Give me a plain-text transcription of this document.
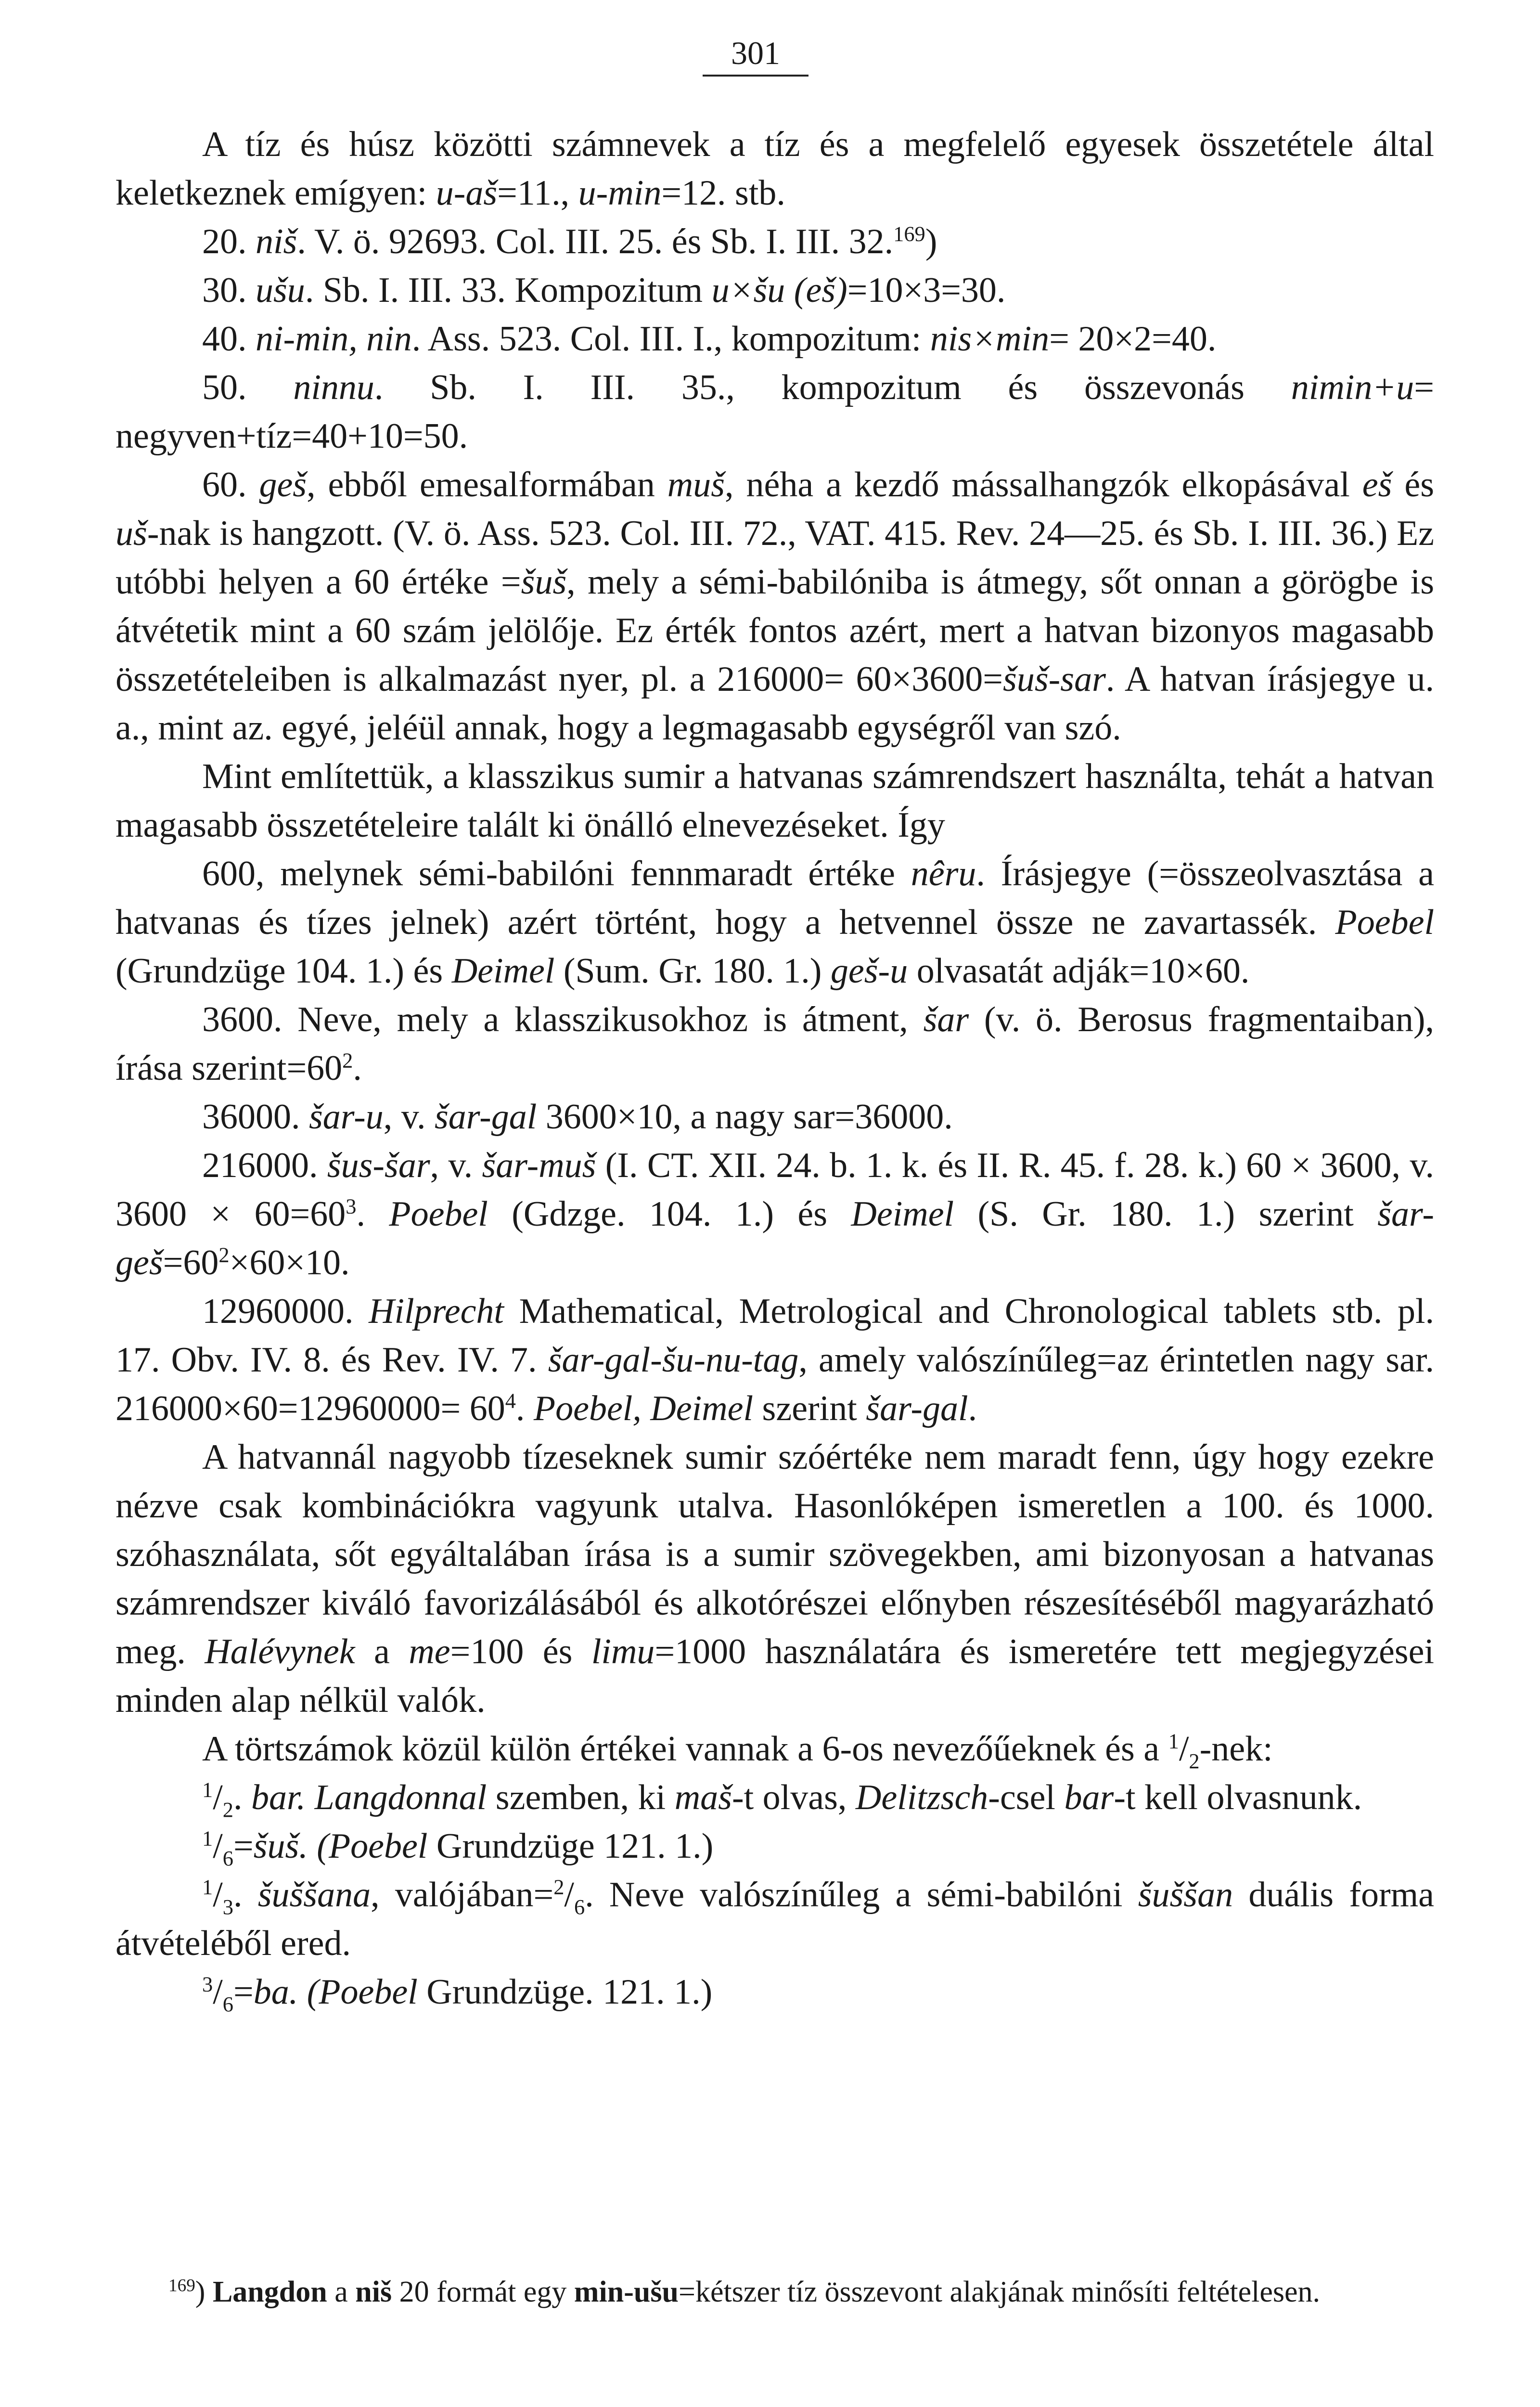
301

A tíz és húsz közötti számnevek a tíz és a megfelelő egyesek összetétele által keletkeznek emígyen: u-aš=11., u-min=12. stb.

20. niš. V. ö. 92693. Col. III. 25. és Sb. I. III. 32.$^{169}$)

30. ušu. Sb. I. III. 33. Kompozitum u×šu (eš)=10×3=30.

40. ni-min, nin. Ass. 523. Col. III. I., kompozitum: nis×min= 20×2=40.

50. ninnu. Sb. I. III. 35., kompozitum és összevonás nimin+u= negyven+tíz=40+10=50.

60. geš, ebből emesalformában muš, néha a kezdő mássalhangzók elkopásával eš és uš-nak is hangzott. (V. ö. Ass. 523. Col. III. 72., VAT. 415. Rev. 24—25. és Sb. I. III. 36.) Ez utóbbi helyen a 60 értéke =šuš, mely a sémi-babilóniba is átmegy, sőt onnan a görögbe is átvétetik mint a 60 szám jelölője. Ez érték fontos azért, mert a hatvan bizonyos magasabb összetételeiben is alkalmazást nyer, pl. a 216000= 60×3600=šuš-sar. A hatvan írásjegye u. a., mint az. egyé, jeléül annak, hogy a legmagasabb egységről van szó.

Mint említettük, a klasszikus sumir a hatvanas számrendszert használta, tehát a hatvan magasabb összetételeire talált ki önálló elnevezéseket. Így

600, melynek sémi-babilóni fennmaradt értéke nêru. Írásjegye (=összeolvasztása a hatvanas és tízes jelnek) azért történt, hogy a hetvennel össze ne zavartassék. Poebel (Grundzüge 104. 1.) és Deimel (Sum. Gr. 180. 1.) geš-u olvasatát adják=10×60.

3600. Neve, mely a klasszikusokhoz is átment, šar (v. ö. Berosus fragmentaiban), írása $szerint=60^2$.

36000. šar-u, v. šar-gal 3600×10, a nagy sar=36000.

216000. šus-šar, v. šar-muš (I. CT. XII. 24. b. 1. k. és II. R. 45. f. 28. k.) 60 × 3600, v. $3600 \times 60=60^3$. Poebel (Gdzge. 104. 1.) és Deimel (S. Gr. 180. 1.) szerint šar-$geš=60^2\times 60\times 10$.

12960000. Hilprecht Mathematical, Metrological and Chronological tablets stb. pl. 17. Obv. IV. 8. és Rev. IV. 7. šar-gal-šu-nu-tag, amely valószínűleg=az érintetlen nagy sar. $216000\times 60=12960000= 60^4$. Poebel, Deimel szerint šar-gal.

A hatvannál nagyobb tízeseknek sumir szóértéke nem maradt fenn, úgy hogy ezekre nézve csak kombinációkra vagyunk utalva. Hasonlóképen ismeretlen a 100. és 1000. szóhasználata, sőt egyáltalában írása is a sumir szövegekben, ami bizonyosan a hatvanas számrendszer kiváló favorizálásából és alkotórészei előnyben részesítéséből magyarázható meg. Halévynek a me=100 és limu=1000 használatára és ismeretére tett megjegyzései minden alap nélkül valók.

A törtszámok közül külön értékei vannak a 6-os nevezőűeknek és a $^1/_2$-nek:

$^1/_2$. bar. Langdonnal szemben, ki maš-t olvas, Delitzsch-csel bar-t kell olvasnunk.

$^1/_6=šuš$. (Poebel Grundzüge 121. 1.)

$^1/_3$. šuššana, $valójában=^2/_6$. Neve valószínűleg a sémi-babilóni šuššan duális forma átvételéből ered.

$^3/_6=ba$. (Poebel Grundzüge. 121. 1.)

$^{169}$) Langdon a niš 20 formát egy min-ušu=kétszer tíz összevont alakjának minősíti feltételesen.
